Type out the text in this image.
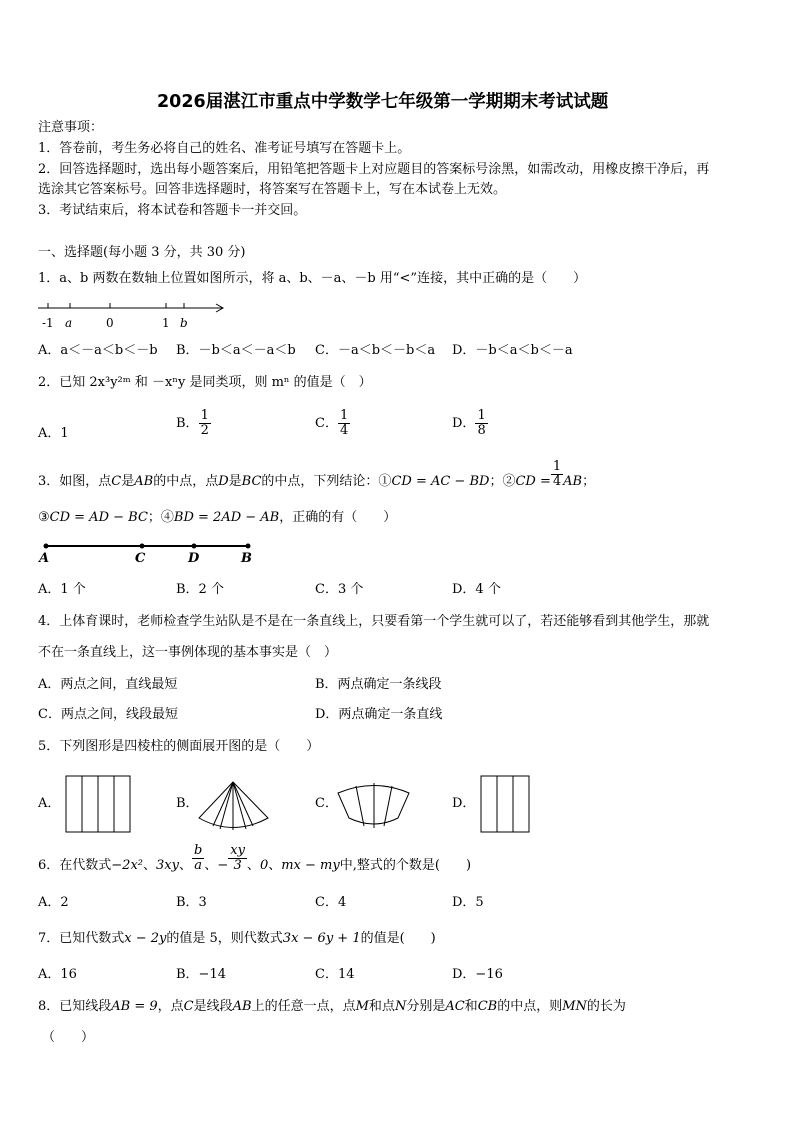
2026届湛江市重点中学数学七年级第一学期期末考试试题
注意事项：
1．答卷前，考生务必将自己的姓名、准考证号填写在答题卡上。
2．回答选择题时，选出每小题答案后，用铅笔把答题卡上对应题目的答案标号涂黑，如需改动，用橡皮擦干净后，再
选涂其它答案标号。回答非选择题时，将答案写在答题卡上，写在本试卷上无效。
3．考试结束后，将本试卷和答题卡一并交回。
一、选择题(每小题 3 分，共 30 分)
1．a、b 两数在数轴上位置如图所示，将 a、b、－a、－b 用“<”连接，其中正确的是（　　）
-1 a	0	1 b
A．a＜－a＜b＜－b B．－b＜a＜－a＜b C．－a＜b＜－b＜a D．－b＜a＜b＜－a
2．已知 2x³y²ᵐ 和 －xⁿy 是同类项，则 mⁿ 的值是（　）
A．1
B． $\frac{1}{2}$	C． $\frac{1}{4}$	D． $\frac{1}{8}$
3．如图，点C是AB的中点，点D是BC的中点，下列结论：①CD = AC − BD；②CD = $\frac{1}{4}$ AB；
③CD = AD − BC；④BD = 2AD − AB，正确的有（　　）
A	C	D	B
A．1 个	B．2 个	C．3 个	D．4 个
4．上体育课时，老师检查学生站队是不是在一条直线上，只要看第一个学生就可以了，若还能够看到其他学生，那就
不在一条直线上，这一事例体现的基本事实是（　）
A．两点之间，直线最短	B．两点确定一条线段
C．两点之间，线段最短	D．两点确定一条直线
5．下列图形是四棱柱的侧面展开图的是（　　）
A．	B．	C．	D．
6．在代数式−2x²、3xy、 $\frac{b}{a}$ 、− $\frac{xy}{3}$ 、0、mx − my中,整式的个数是(　　)
A．2	B．3	C．4	D．5
7．已知代数式x − 2y的值是 5，则代数式3x − 6y + 1的值是(　　)
A．16	B．−14	C．14	D．−16
8．已知线段AB = 9，点C是线段AB上的任意一点，点M和点N分别是AC和CB的中点，则MN的长为
（　　）
